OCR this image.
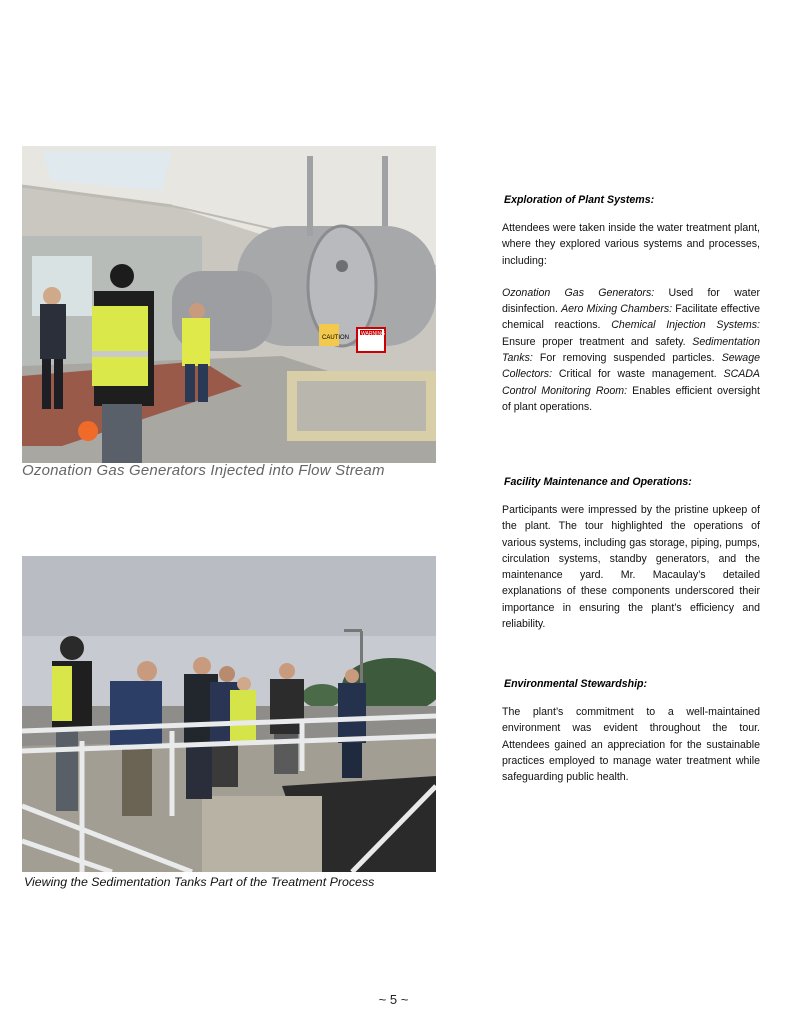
CAUTION
WARNING
Ozonation Gas Generators Injected into Flow Stream
Viewing the Sedimentation Tanks Part of the Treatment Process

Exploration of Plant Systems:

Attendees were taken inside the water treatment plant, where they explored various systems and processes, including:

Ozonation Gas Generators: Used for water disinfection. Aero Mixing Chambers: Facilitate effective chemical reactions. Chemical Injection Systems: Ensure proper treatment and safety. Sedimentation Tanks: For removing suspended particles. Sewage Collectors: Critical for waste management. SCADA Control Monitoring Room: Enables efficient oversight of plant operations.

Facility Maintenance and Operations:

Participants were impressed by the pristine upkeep of the plant. The tour highlighted the operations of various systems, including gas storage, piping, pumps, circulation systems, standby generators, and the maintenance yard. Mr. Macaulay’s detailed explanations of these components underscored their importance in ensuring the plant’s efficiency and reliability.

Environmental Stewardship:

The plant’s commitment to a well-maintained environment was evident throughout the tour. Attendees gained an appreciation for the sustainable practices employed to manage water treatment while safeguarding public health.

~ 5 ~
